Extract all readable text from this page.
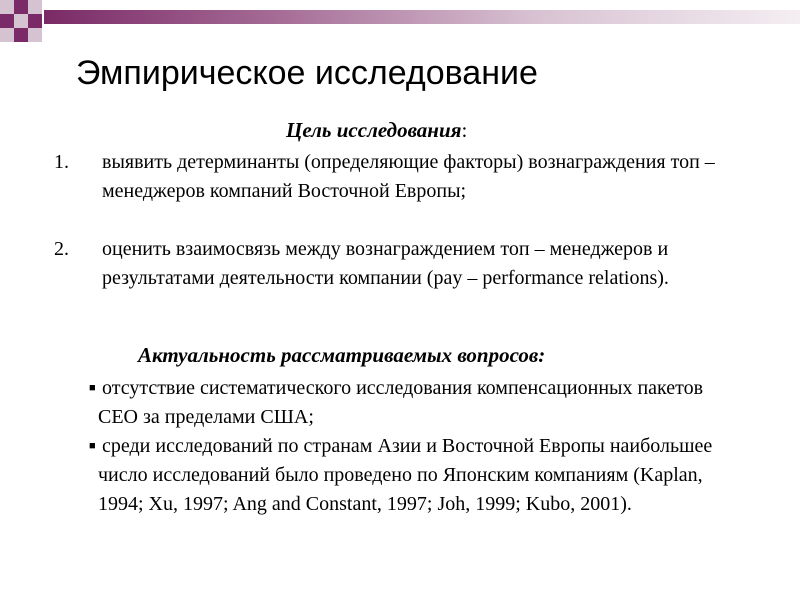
Эмпирическое исследование
Цель исследования:
1. выявить детерминанты (определяющие факторы) вознаграждения топ – менеджеров компаний Восточной Европы;
2. оценить взаимосвязь между вознаграждением топ – менеджеров и результатами деятельности компании (pay – performance relations).
Актуальность рассматриваемых вопросов:
■ отсутствие систематического исследования компенсационных пакетов CEO за пределами США;
■ среди исследований по странам Азии и Восточной Европы наибольшее число исследований было проведено по Японским компаниям (Kaplan, 1994; Xu, 1997; Ang and Constant, 1997; Joh, 1999; Kubo, 2001).
